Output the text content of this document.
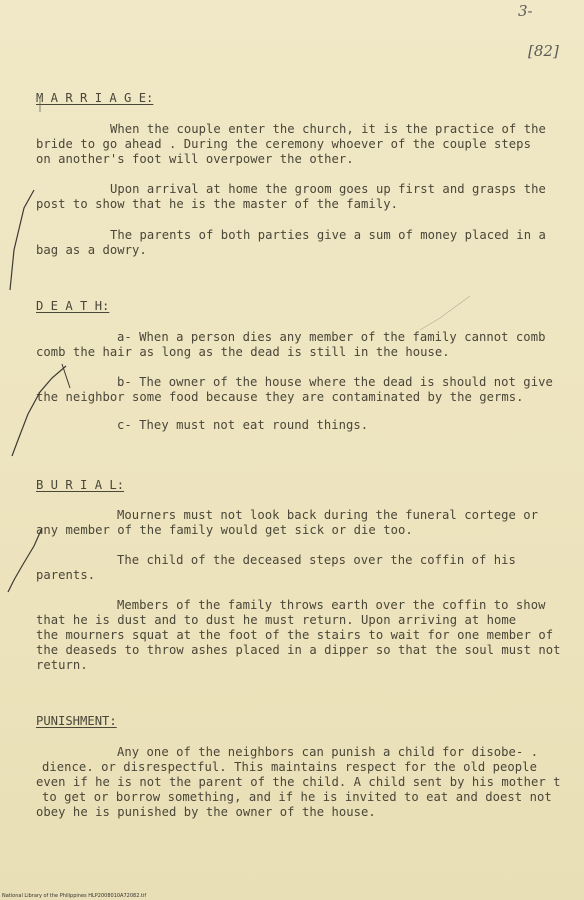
3-
[82]
M A R R I A G E:
When the couple enter the church, it is the practice of the
bride to go ahead . During the ceremony whoever of the couple steps
on another's foot will overpower the other.
Upon arrival at home the groom goes up first and grasps the
post to show that he is the master of the family.
The parents of both parties give a sum of money placed in a
bag as a dowry.
D E A T H:
a- When a person dies any member of the family cannot comb
comb the hair as long as the dead is still in the house.
b- The owner of the house where the dead is should not give
the neighbor some food because they are contaminated by the germs.
c- They must not eat round things.
B U R I A L:
Mourners must not look back during the funeral cortege or
any member of the family would get sick or die too.
The child of the deceased steps over the coffin of his
parents.
Members of the family throws earth over the coffin to show
that he is dust and to dust he must return. Upon arriving at home
the mourners squat at the foot of the stairs to wait for one member of
the deaseds to throw ashes placed in a dipper so that the soul must not
return.
PUNISHMENT:
Any one of the neighbors can punish a child for disobe- .
dience. or disrespectful. This maintains respect for the old people
even if he is not the parent of the child. A child sent by his mother t
to get or borrow something, and if he is invited to eat and doest not
obey he is punished by the owner of the house.
National Library of the Philippines HLP2008010A72082.tif
